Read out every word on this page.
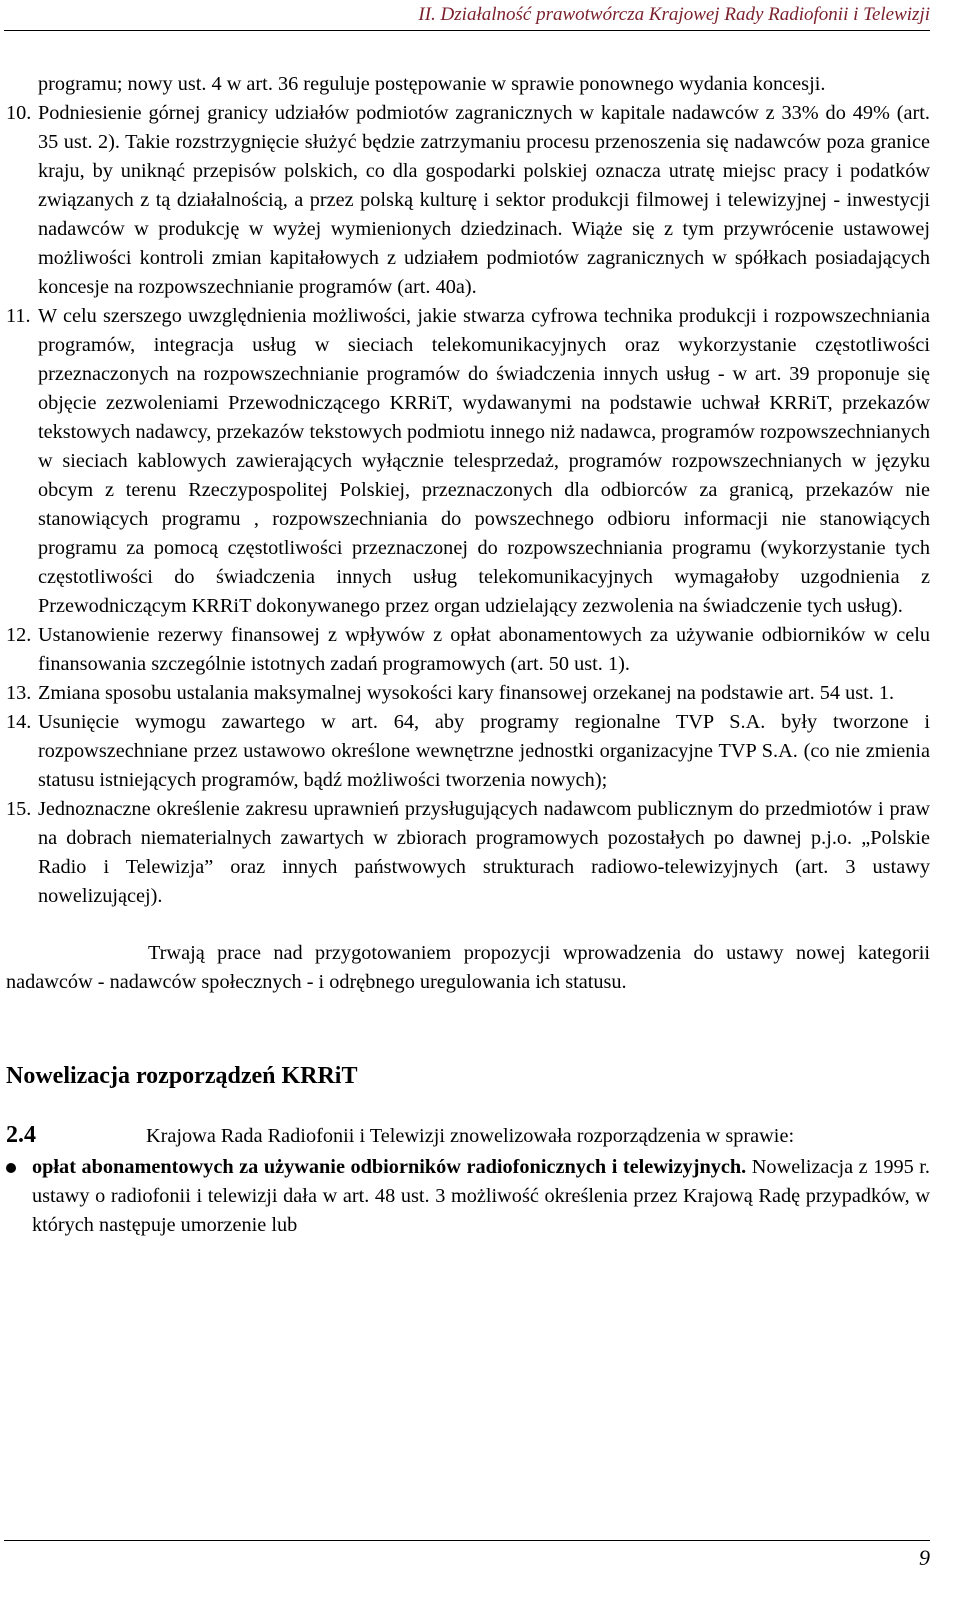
II. Działalność prawotwórcza Krajowej Rady Radiofonii i Telewizji

programu; nowy ust. 4 w art. 36 reguluje postępowanie w sprawie ponownego wydania koncesji.

10. Podniesienie górnej granicy udziałów podmiotów zagranicznych w kapitale nadawców z 33% do 49% (art. 35 ust. 2). Takie rozstrzygnięcie służyć będzie zatrzymaniu procesu przenoszenia się nadawców poza granice kraju, by uniknąć przepisów polskich, co dla gospodarki polskiej oznacza utratę miejsc pracy i podatków związanych z tą działalnością, a przez polską kulturę i sektor produkcji filmowej i telewizyjnej - inwestycji nadawców w produkcję w wyżej wymienionych dziedzinach. Wiąże się z tym przywrócenie ustawowej możliwości kontroli zmian kapitałowych z udziałem podmiotów zagranicznych w spółkach posiadających koncesje na rozpowszechnianie programów (art. 40a).
11. W celu szerszego uwzględnienia możliwości, jakie stwarza cyfrowa technika produkcji i rozpowszechniania programów, integracja usług w sieciach telekomunikacyjnych oraz wykorzystanie częstotliwości przeznaczonych na rozpowszechnianie programów do świadczenia innych usług - w art. 39 proponuje się objęcie zezwoleniami Przewodniczącego KRRiT, wydawanymi na podstawie uchwał KRRiT, przekazów tekstowych nadawcy, przekazów tekstowych podmiotu innego niż nadawca, programów rozpowszechnianych w sieciach kablowych zawierających wyłącznie telesprzedaż, programów rozpowszechnianych w języku obcym z terenu Rzeczypospolitej Polskiej, przeznaczonych dla odbiorców za granicą, przekazów nie stanowiących programu , rozpowszechniania do powszechnego odbioru informacji nie stanowiących programu za pomocą częstotliwości przeznaczonej do rozpowszechniania programu (wykorzystanie tych częstotliwości do świadczenia innych usług telekomunikacyjnych wymagałoby uzgodnienia z Przewodniczącym KRRiT dokonywanego przez organ udzielający zezwolenia na świadczenie tych usług).
12. Ustanowienie rezerwy finansowej z wpływów z opłat abonamentowych za używanie odbiorników w celu finansowania szczególnie istotnych zadań programowych (art. 50 ust. 1).
13. Zmiana sposobu ustalania maksymalnej wysokości kary finansowej orzekanej na podstawie art. 54 ust. 1.
14. Usunięcie wymogu zawartego w art. 64, aby programy regionalne TVP S.A. były tworzone i rozpowszechniane przez ustawowo określone wewnętrzne jednostki organizacyjne TVP S.A. (co nie zmienia statusu istniejących programów, bądź możliwości tworzenia nowych);
15. Jednoznaczne określenie zakresu uprawnień przysługujących nadawcom publicznym do przedmiotów i praw na dobrach niematerialnych zawartych w zbiorach programowych pozostałych po dawnej p.j.o. „Polskie Radio i Telewizja” oraz innych państwowych strukturach radiowo-telewizyjnych (art. 3 ustawy nowelizującej).

Trwają prace nad przygotowaniem propozycji wprowadzenia do ustawy nowej kategorii nadawców - nadawców społecznych - i odrębnego uregulowania ich statusu.

Nowelizacja rozporządzeń KRRiT
2.4	Krajowa Rada Radiofonii i Telewizji znowelizowała rozporządzenia w sprawie:
opłat abonamentowych za używanie odbiorników radiofonicznych i telewizyjnych. Nowelizacja z 1995 r. ustawy o radiofonii i telewizji dała w art. 48 ust. 3 możliwość określenia przez Krajową Radę przypadków, w których następuje umorzenie lub
9
